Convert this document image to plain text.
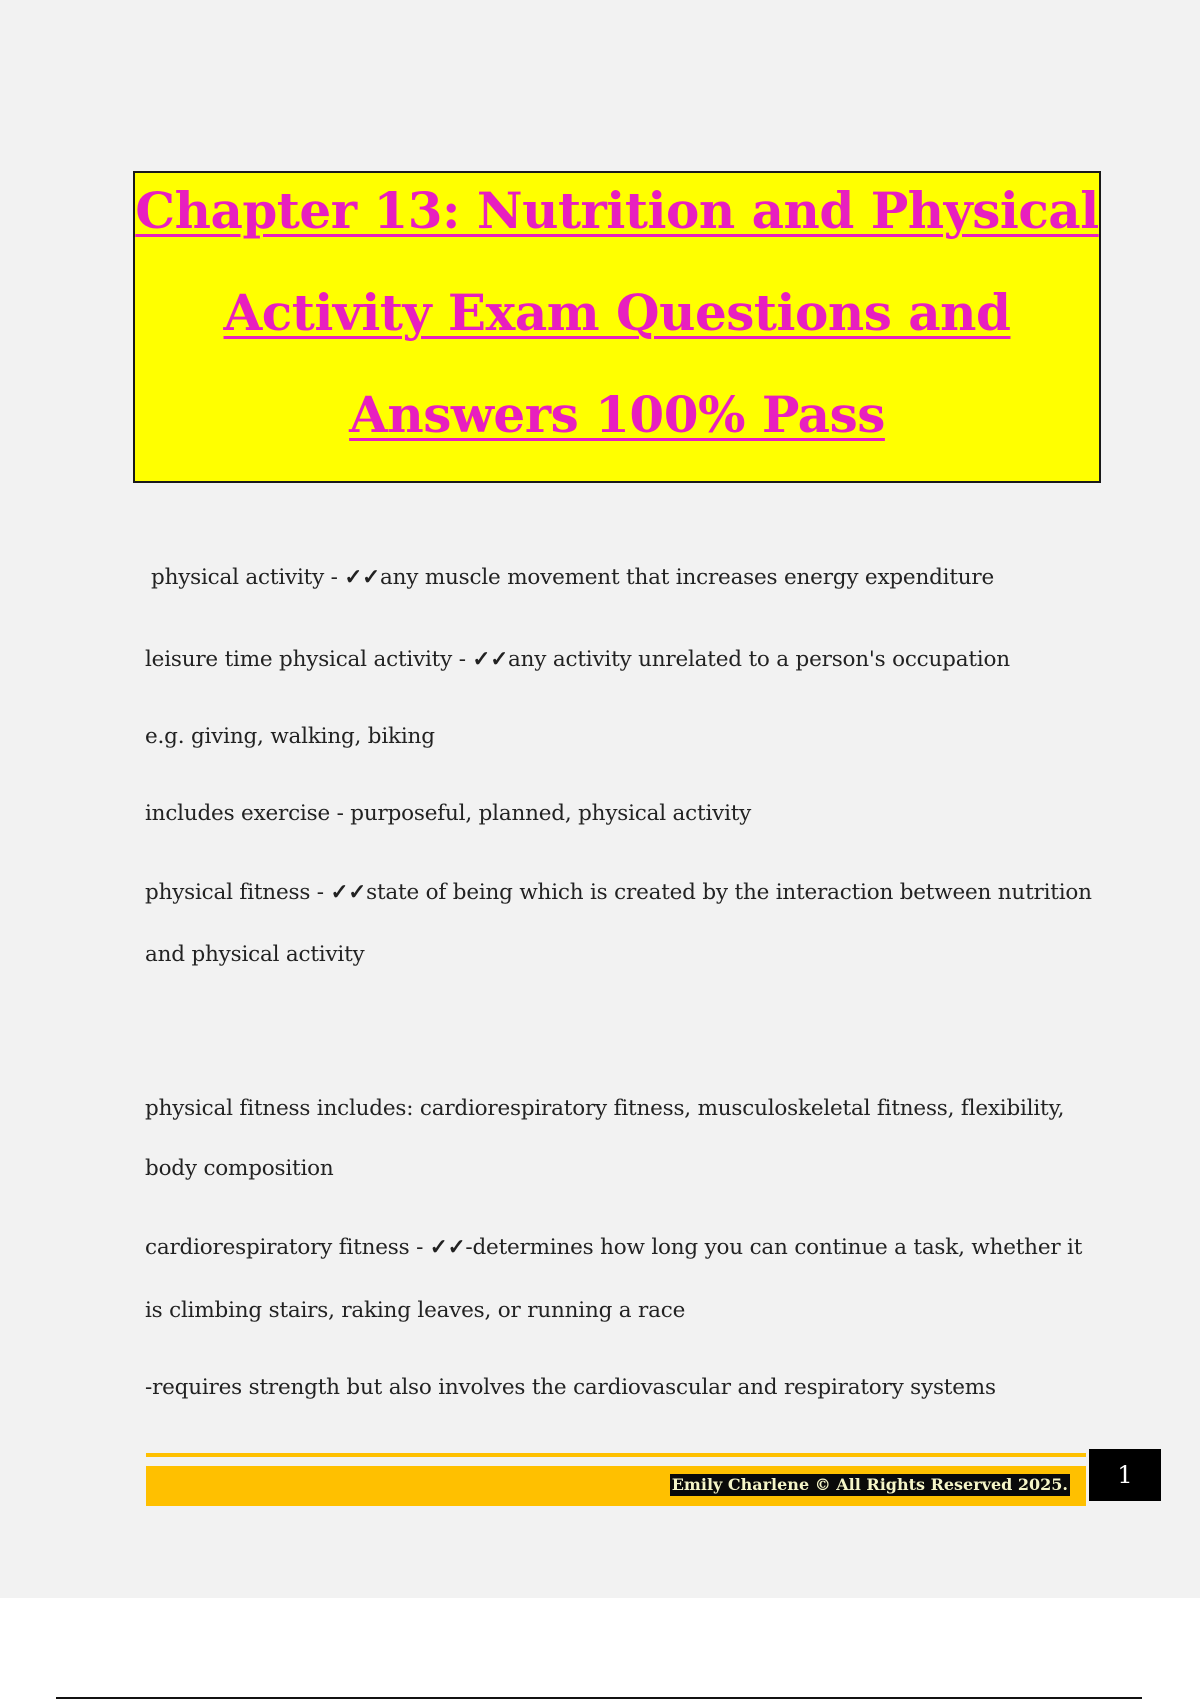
Chapter 13: Nutrition and Physical
Activity Exam Questions and
Answers 100% Pass
physical activity - ✓✓any muscle movement that increases energy expenditure
leisure time physical activity - ✓✓any activity unrelated to a person's occupation
e.g. giving, walking, biking
includes exercise - purposeful, planned, physical activity
physical fitness - ✓✓state of being which is created by the interaction between nutrition
and physical activity
physical fitness includes: cardiorespiratory fitness, musculoskeletal fitness, flexibility,
body composition
cardiorespiratory fitness - ✓✓-determines how long you can continue a task, whether it
is climbing stairs, raking leaves, or running a race
-requires strength but also involves the cardiovascular and respiratory systems
Emily Charlene © All Rights Reserved 2025.	1
